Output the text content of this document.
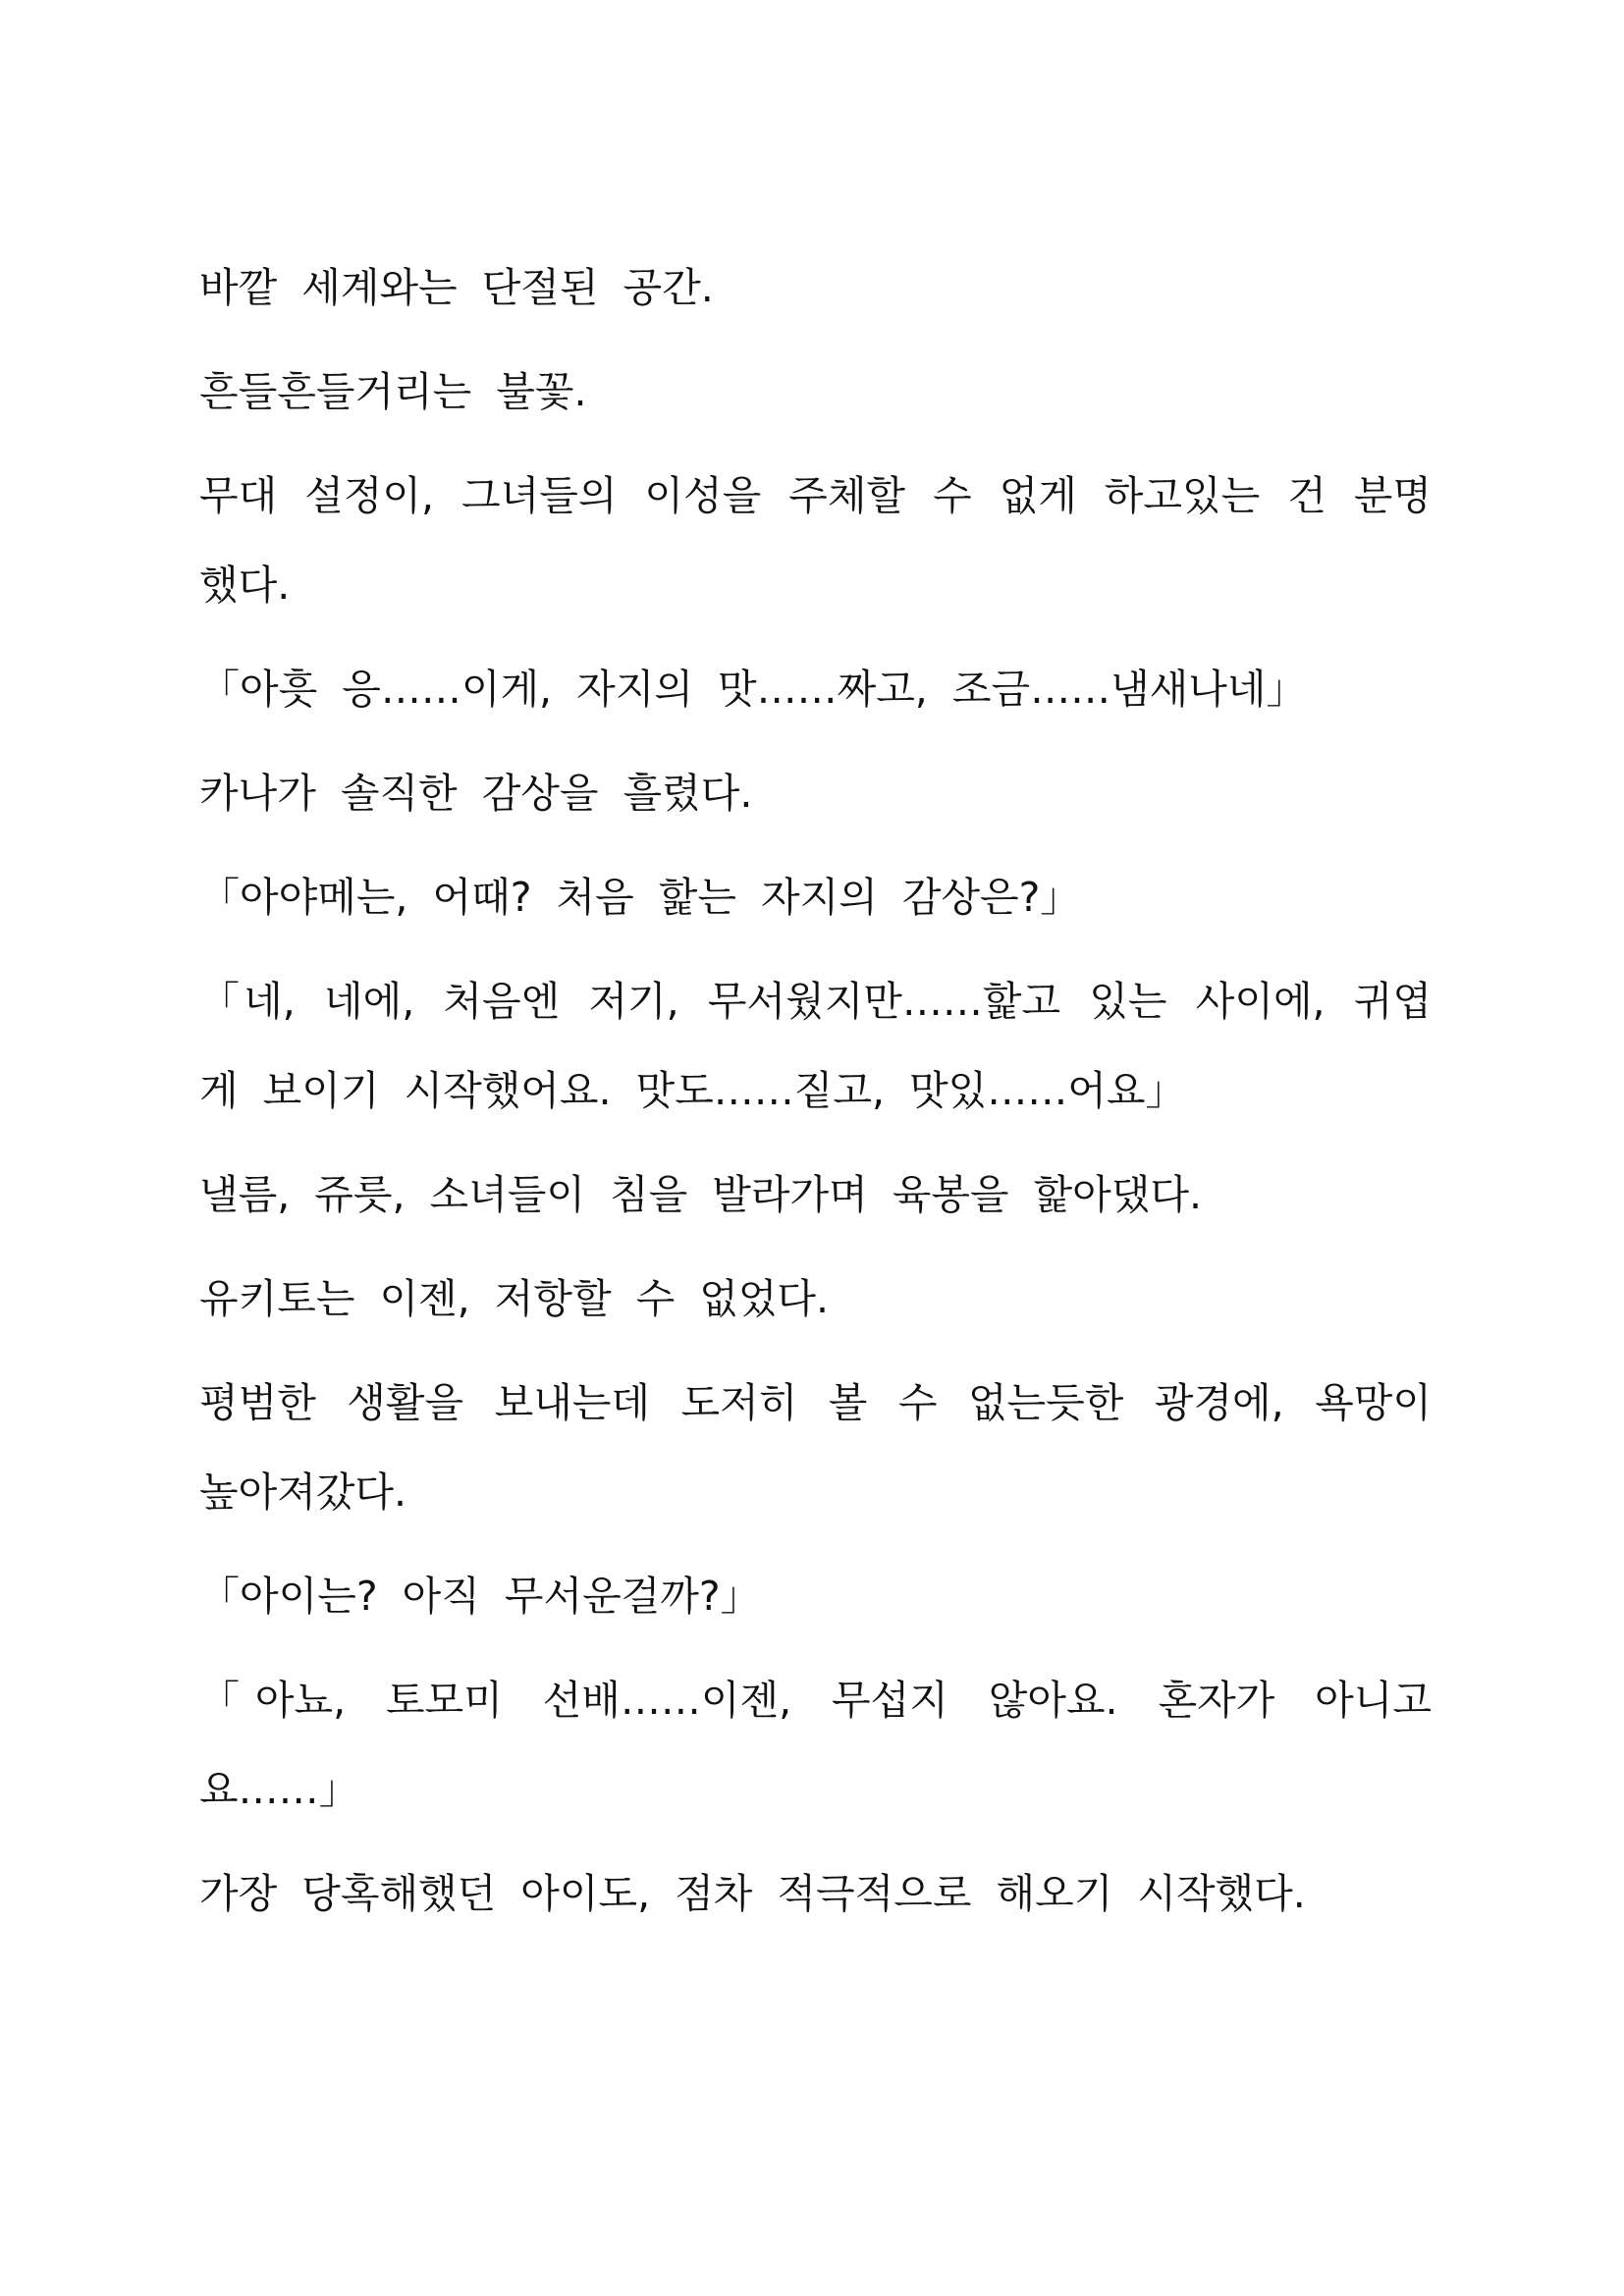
바깥 세계와는 단절된 공간.

흔들흔들거리는 불꽃.

무대 설정이, 그녀들의 이성을 주체할 수 없게 하고있는 건 분명했다.

「아흣 응……이게, 자지의 맛……짜고, 조금……냄새나네」

카나가 솔직한 감상을 흘렸다.

「아야메는, 어때? 처음 핥는 자지의 감상은?」

「네, 네에, 처음엔 저기, 무서웠지만……핥고 있는 사이에, 귀엽게 보이기 시작했어요. 맛도……짙고, 맛있……어요」

낼름, 쥬릇, 소녀들이 침을 발라가며 육봉을 핥아댔다.

유키토는 이젠, 저항할 수 없었다.

평범한 생활을 보내는데 도저히 볼 수 없는듯한 광경에, 욕망이 높아져갔다.

「아이는? 아직 무서운걸까?」

「아뇨, 토모미 선배……이젠, 무섭지 않아요. 혼자가 아니고요……」

가장 당혹해했던 아이도, 점차 적극적으로 해오기 시작했다.
